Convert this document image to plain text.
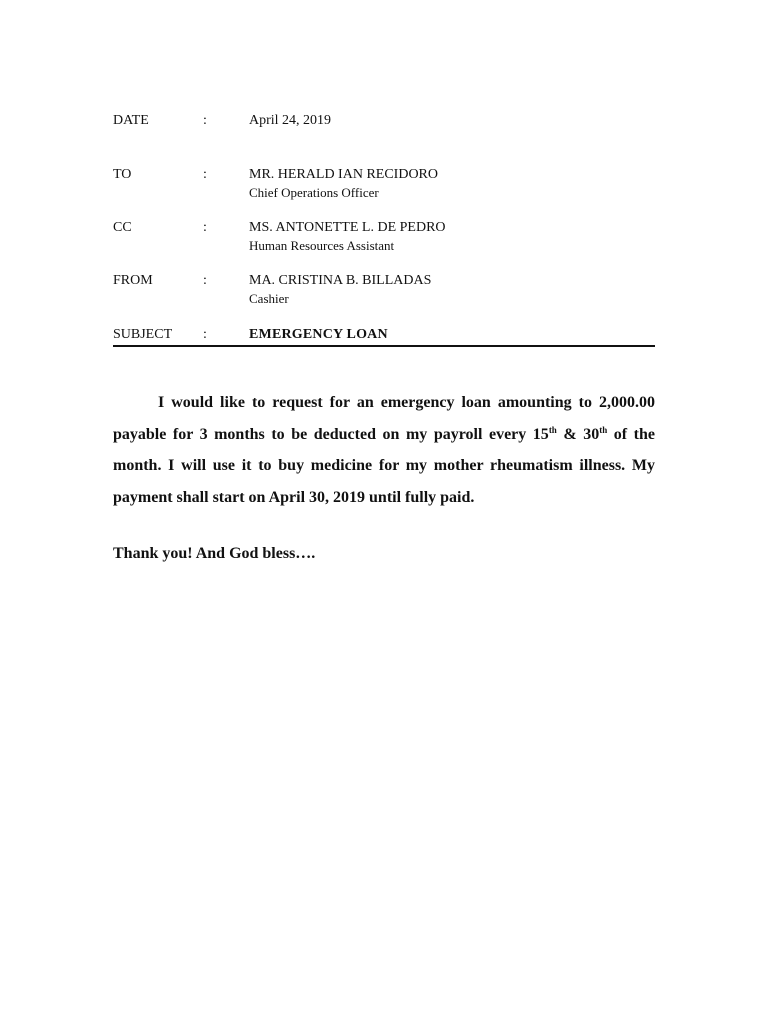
DATE	:	April 24, 2019
TO	:	MR. HERALD IAN RECIDORO
Chief Operations Officer
CC	:	MS. ANTONETTE L. DE PEDRO
Human Resources Assistant
FROM	:	MA. CRISTINA B. BILLADAS
Cashier
SUBJECT :	EMERGENCY LOAN

I would like to request for an emergency loan amounting to 2,000.00 payable for 3 months to be deducted on my payroll every 15th & 30th of the month. I will use it to buy medicine for my mother rheumatism illness. My payment shall start on April 30, 2019 until fully paid.

Thank you! And God bless….
